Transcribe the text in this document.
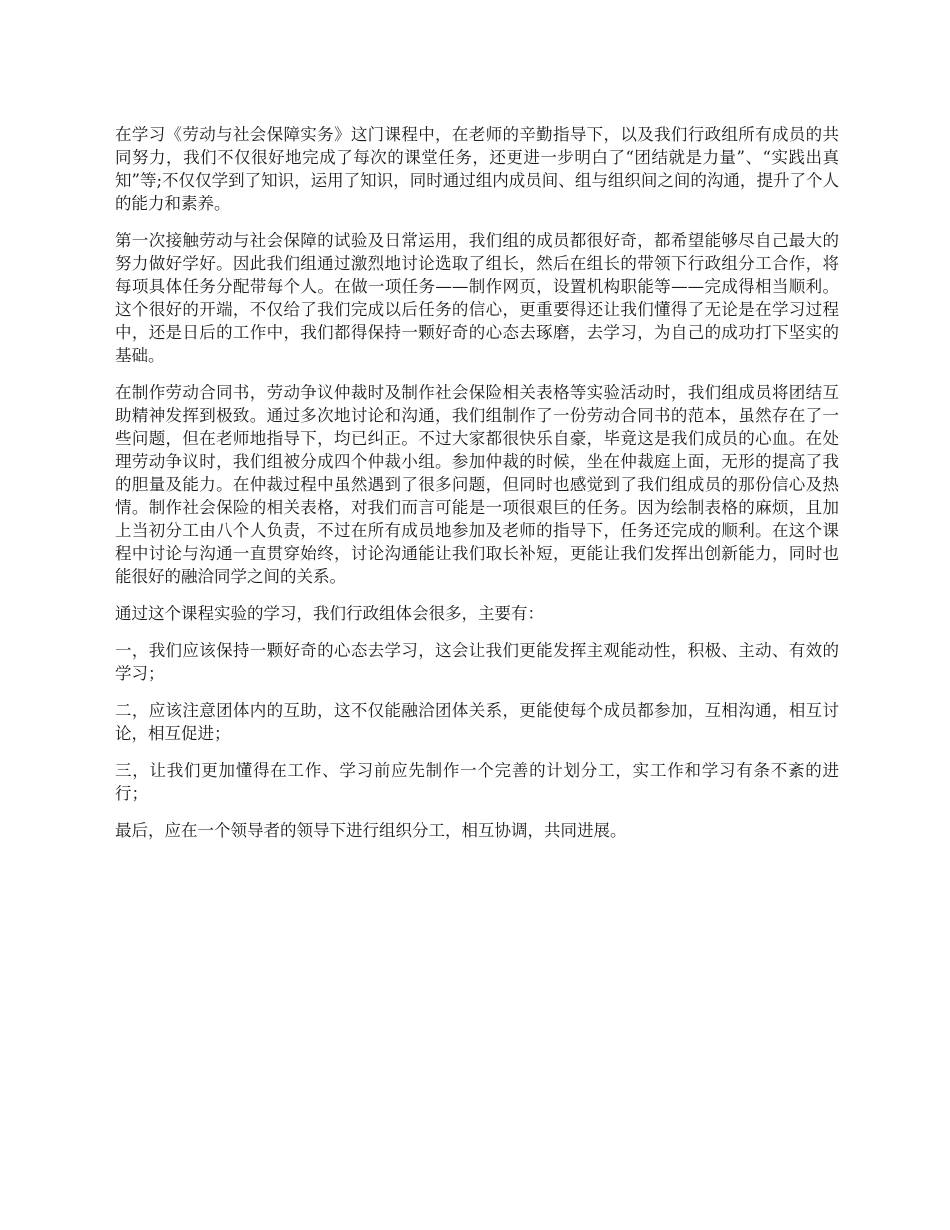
在学习《劳动与社会保障实务》这门课程中，在老师的辛勤指导下，以及我们行政组所有成员的共同努力，我们不仅很好地完成了每次的课堂任务，还更进一步明白了“团结就是力量”、“实践出真知”等;不仅仅学到了知识，运用了知识，同时通过组内成员间、组与组织间之间的沟通，提升了个人的能力和素养。

第一次接触劳动与社会保障的试验及日常运用，我们组的成员都很好奇，都希望能够尽自己最大的努力做好学好。因此我们组通过激烈地讨论选取了组长，然后在组长的带领下行政组分工合作，将每项具体任务分配带每个人。在做一项任务——制作网页，设置机构职能等——完成得相当顺利。这个很好的开端，不仅给了我们完成以后任务的信心，更重要得还让我们懂得了无论是在学习过程中，还是日后的工作中，我们都得保持一颗好奇的心态去琢磨，去学习，为自己的成功打下坚实的基础。

在制作劳动合同书，劳动争议仲裁时及制作社会保险相关表格等实验活动时，我们组成员将团结互助精神发挥到极致。通过多次地讨论和沟通，我们组制作了一份劳动合同书的范本，虽然存在了一些问题，但在老师地指导下，均已纠正。不过大家都很快乐自豪，毕竟这是我们成员的心血。在处理劳动争议时，我们组被分成四个仲裁小组。参加仲裁的时候，坐在仲裁庭上面，无形的提高了我的胆量及能力。在仲裁过程中虽然遇到了很多问题，但同时也感觉到了我们组成员的那份信心及热情。制作社会保险的相关表格，对我们而言可能是一项很艰巨的任务。因为绘制表格的麻烦，且加上当初分工由八个人负责，不过在所有成员地参加及老师的指导下，任务还完成的顺利。在这个课程中讨论与沟通一直贯穿始终，讨论沟通能让我们取长补短，更能让我们发挥出创新能力，同时也能很好的融洽同学之间的关系。

通过这个课程实验的学习，我们行政组体会很多，主要有：

一，我们应该保持一颗好奇的心态去学习，这会让我们更能发挥主观能动性，积极、主动、有效的学习；

二，应该注意团体内的互助，这不仅能融洽团体关系，更能使每个成员都参加，互相沟通，相互讨论，相互促进；

三，让我们更加懂得在工作、学习前应先制作一个完善的计划分工，实工作和学习有条不紊的进行；

最后，应在一个领导者的领导下进行组织分工，相互协调，共同进展。
